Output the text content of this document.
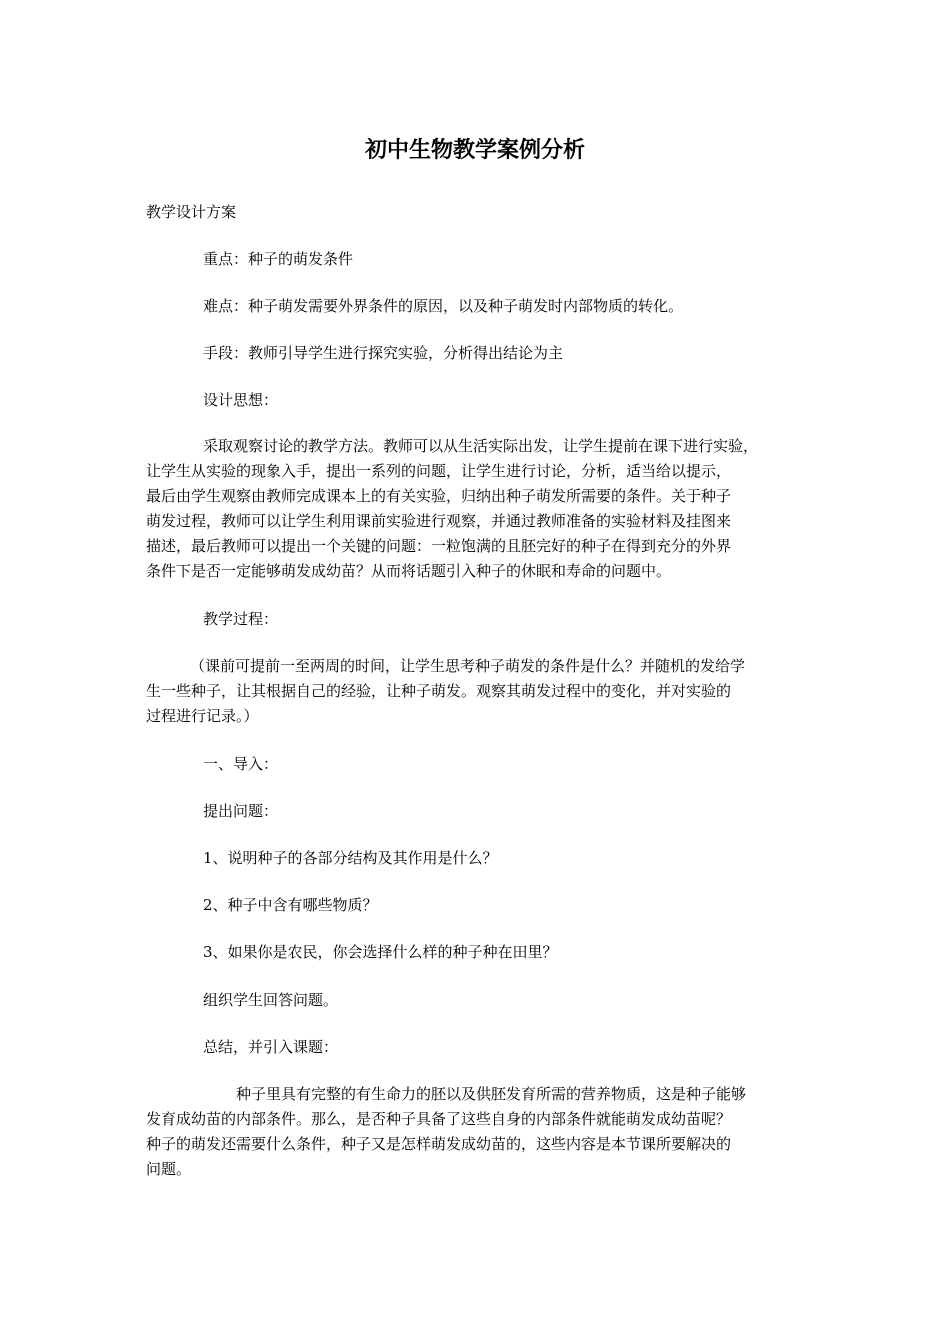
初中生物教学案例分析
教学设计方案
重点：种子的萌发条件
难点：种子萌发需要外界条件的原因，以及种子萌发时内部物质的转化。
手段：教师引导学生进行探究实验，分析得出结论为主
设计思想：
采取观察讨论的教学方法。教师可以从生活实际出发，让学生提前在课下进行实验，
让学生从实验的现象入手，提出一系列的问题，让学生进行讨论，分析，适当给以提示，
最后由学生观察由教师完成课本上的有关实验，归纳出种子萌发所需要的条件。关于种子
萌发过程，教师可以让学生利用课前实验进行观察，并通过教师准备的实验材料及挂图来
描述，最后教师可以提出一个关键的问题：一粒饱满的且胚完好的种子在得到充分的外界
条件下是否一定能够萌发成幼苗？从而将话题引入种子的休眠和寿命的问题中。
教学过程：
（课前可提前一至两周的时间，让学生思考种子萌发的条件是什么？并随机的发给学
生一些种子，让其根据自己的经验，让种子萌发。观察其萌发过程中的变化，并对实验的
过程进行记录。）
一、导入：
提出问题：
1、说明种子的各部分结构及其作用是什么？
2、种子中含有哪些物质？
3、如果你是农民，你会选择什么样的种子种在田里？
组织学生回答问题。
总结，并引入课题：
种子里具有完整的有生命力的胚以及供胚发育所需的营养物质，这是种子能够
发育成幼苗的内部条件。那么，是否种子具备了这些自身的内部条件就能萌发成幼苗呢？
种子的萌发还需要什么条件，种子又是怎样萌发成幼苗的，这些内容是本节课所要解决的
问题。
